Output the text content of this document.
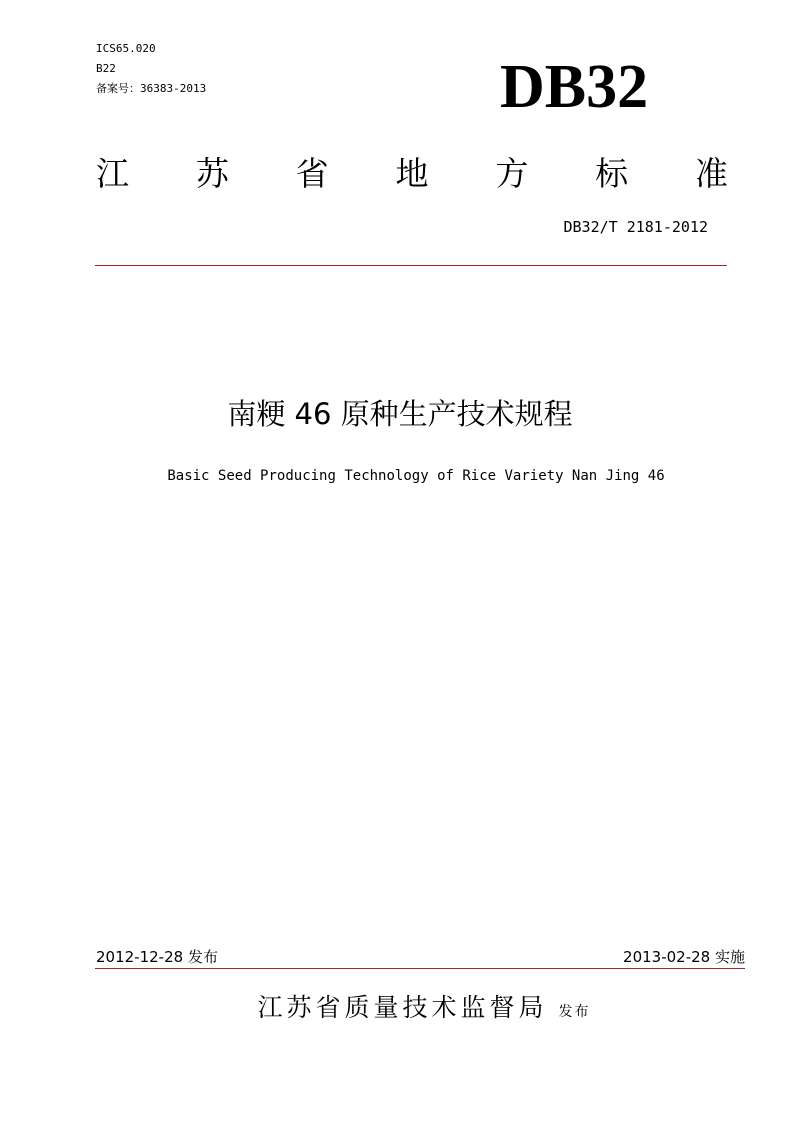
ICS65.020
B22
备案号：36383-2013	DB32
江 苏 省 地 方 标 准
DB32/T 2181-2012
南粳 46 原种生产技术规程
Basic Seed Producing Technology of Rice Variety Nan Jing 46
2012-12-28 发布	2013-02-28 实施
江苏省质量技术监督局 发布
